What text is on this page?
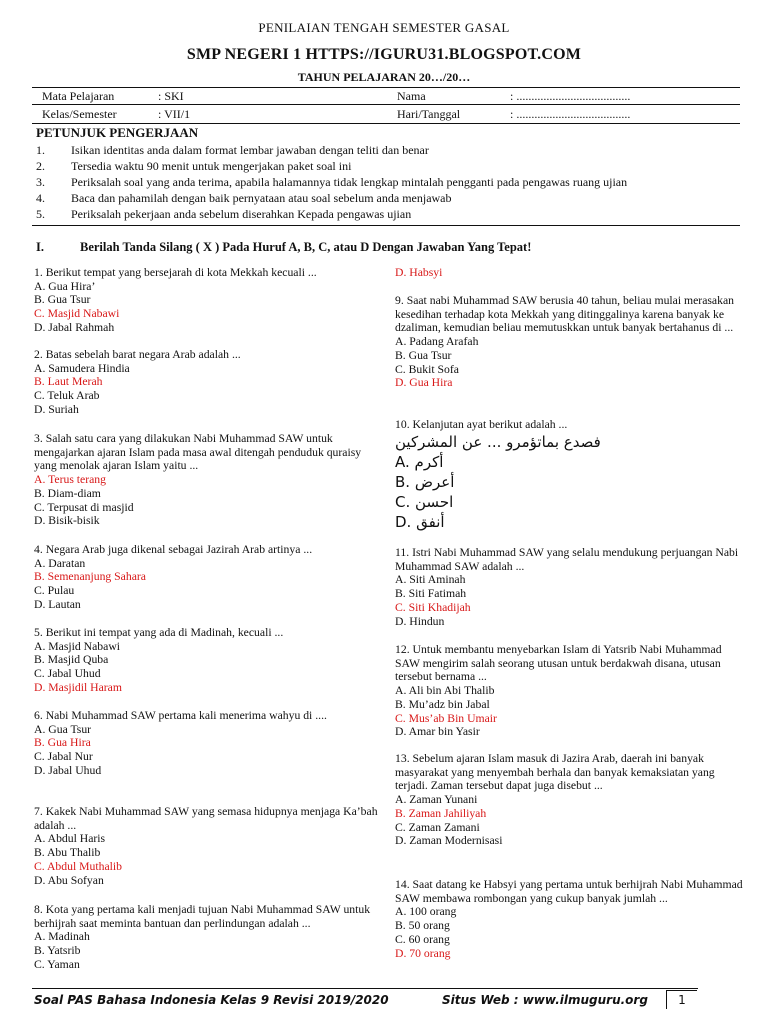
PENILAIAN TENGAH SEMESTER GASAL
SMP NEGERI 1 HTTPS://IGURU31.BLOGSPOT.COM
TAHUN PELAJARAN 20…/20…
Mata Pelajaran	: SKI	Nama	: ......................................
Kelas/Semester	: VII/1	Hari/Tanggal	: ......................................
PETUNJUK PENGERJAAN
1. Isikan identitas anda dalam format lembar jawaban dengan teliti dan benar
2. Tersedia waktu 90 menit untuk mengerjakan paket soal ini
3. Periksalah soal yang anda terima, apabila halamannya tidak lengkap mintalah pengganti pada pengawas ruang ujian
4. Baca dan pahamilah dengan baik pernyataan atau soal sebelum anda menjawab
5. Periksalah pekerjaan anda sebelum diserahkan Kepada pengawas ujian
I.	Berilah Tanda Silang ( X ) Pada Huruf A, B, C, atau D Dengan Jawaban Yang Tepat!
Soal PAS Bahasa Indonesia Kelas 9 Revisi 2019/2020	Situs Web : www.ilmuguru.org	1
1. Berikut tempat yang bersejarah di kota Mekkah kecuali ...
A. Gua Hira’
B. Gua Tsur
C. Masjid Nabawi
D. Jabal Rahmah
2. Batas sebelah barat negara Arab adalah ...
A. Samudera Hindia
B. Laut Merah
C. Teluk Arab
D. Suriah
3. Salah satu cara yang dilakukan Nabi Muhammad SAW untuk mengajarkan ajaran Islam pada masa awal ditengah penduduk quraisy yang menolak ajaran Islam yaitu ...
A. Terus terang
B. Diam-diam
C. Terpusat di masjid
D. Bisik-bisik
4. Negara Arab juga dikenal sebagai Jazirah Arab artinya ...
A. Daratan
B. Semenanjung Sahara
C. Pulau
D. Lautan
5. Berikut ini tempat yang ada di Madinah, kecuali ...
A. Masjid Nabawi
B. Masjid Quba
C. Jabal Uhud
D. Masjidil Haram
6. Nabi Muhammad SAW pertama kali menerima wahyu di ....
A. Gua Tsur
B. Gua Hira
C. Jabal Nur
D. Jabal Uhud
7. Kakek Nabi Muhammad SAW yang semasa hidupnya menjaga Ka’bah adalah ...
A. Abdul Haris
B. Abu Thalib
C. Abdul Muthalib
D. Abu Sofyan
8. Kota yang pertama kali menjadi tujuan Nabi Muhammad SAW untuk berhijrah saat meminta bantuan dan perlindungan adalah ...
A. Madinah
B. Yatsrib
C. Yaman
9. Saat nabi Muhammad SAW berusia 40 tahun, beliau mulai merasakan kesedihan terhadap kota Mekkah yang ditinggalinya karena banyak ke dzaliman, kemudian beliau memutuskkan untuk banyak bertahanus di ...
A. Padang Arafah
B. Gua Tsur
C. Bukit Sofa
D. Gua Hira
10. Kelanjutan ayat berikut adalah ...
فصدع بماتؤمرو ... عن المشركين
A. أكرم
B. أعرض
C. احسن
D. أنفق
11. Istri Nabi Muhammad SAW yang selalu mendukung perjuangan Nabi Muhammad SAW adalah ...
A. Siti Aminah
B. Siti Fatimah
C. Siti Khadijah
D. Hindun
12. Untuk membantu menyebarkan Islam di Yatsrib Nabi Muhammad SAW mengirim salah seorang utusan untuk berdakwah disana, utusan tersebut bernama ...
A. Ali bin Abi Thalib
B. Mu’adz bin Jabal
C. Mus’ab Bin Umair
D. Amar bin Yasir
13. Sebelum ajaran Islam masuk di Jazira Arab, daerah ini banyak masyarakat yang menyembah berhala dan banyak kemaksiatan yang terjadi. Zaman tersebut dapat juga disebut ...
A. Zaman Yunani
B. Zaman Jahiliyah
C. Zaman Zamani
D. Zaman Modernisasi
14. Saat datang ke Habsyi yang pertama untuk berhijrah Nabi Muhammad SAW membawa rombongan yang cukup banyak jumlah ...
A. 100 orang
B. 50 orang
C. 60 orang
D. 70 orang
D. Habsyi
